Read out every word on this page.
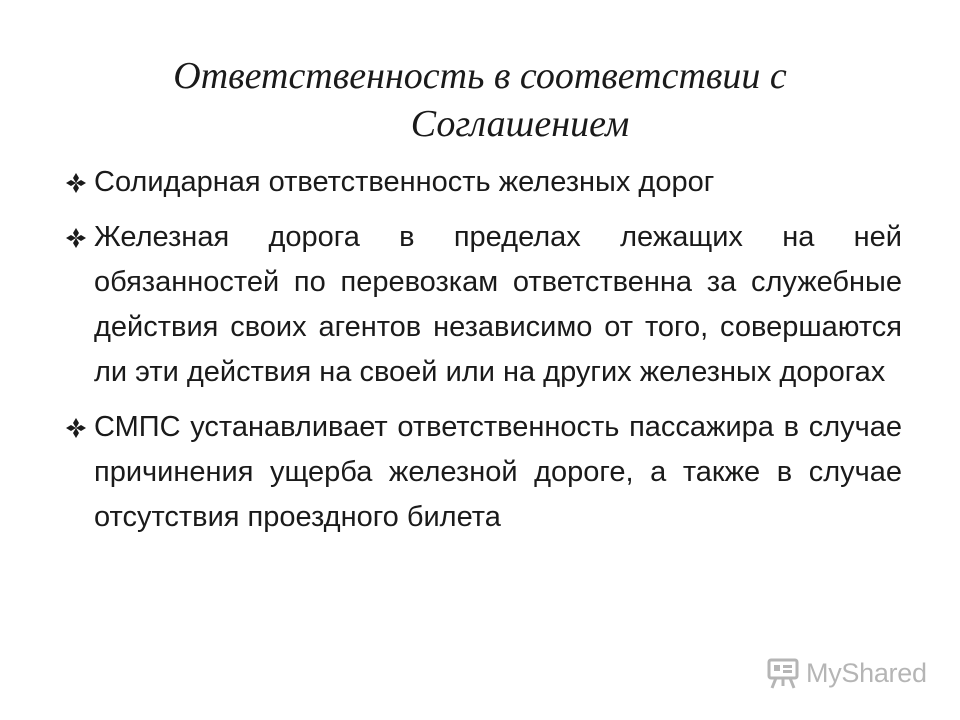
Ответственность в соответствии с
Соглашением
Солидарная ответственность железных дорог
Железная дорога в пределах лежащих на ней обязанностей по перевозкам ответственна за служебные действия своих агентов независимо от того, совершаются ли эти действия на своей или на других железных дорогах
СМПС устанавливает ответственность пассажира в случае причинения ущерба железной дороге, а также в случае отсутствия проездного билета
MyShared
